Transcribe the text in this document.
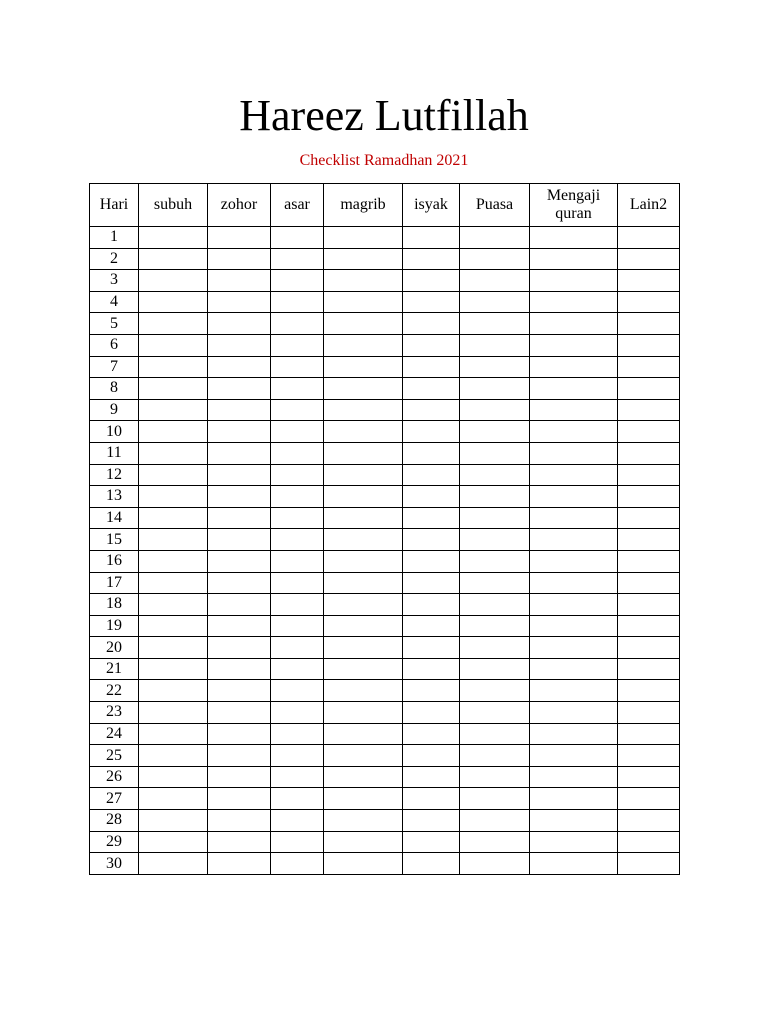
Hareez Lutfillah

Checklist Ramadhan 2021

Hari	subuh	zohor	asar	magrib	isyak	Puasa	Mengaji quran	Lain2
1								
2								
3								
4								
5								
6								
7								
8								
9								
10								
11								
12								
13								
14								
15								
16								
17								
18								
19								
20								
21								
22								
23								
24								
25								
26								
27								
28								
29								
30								
